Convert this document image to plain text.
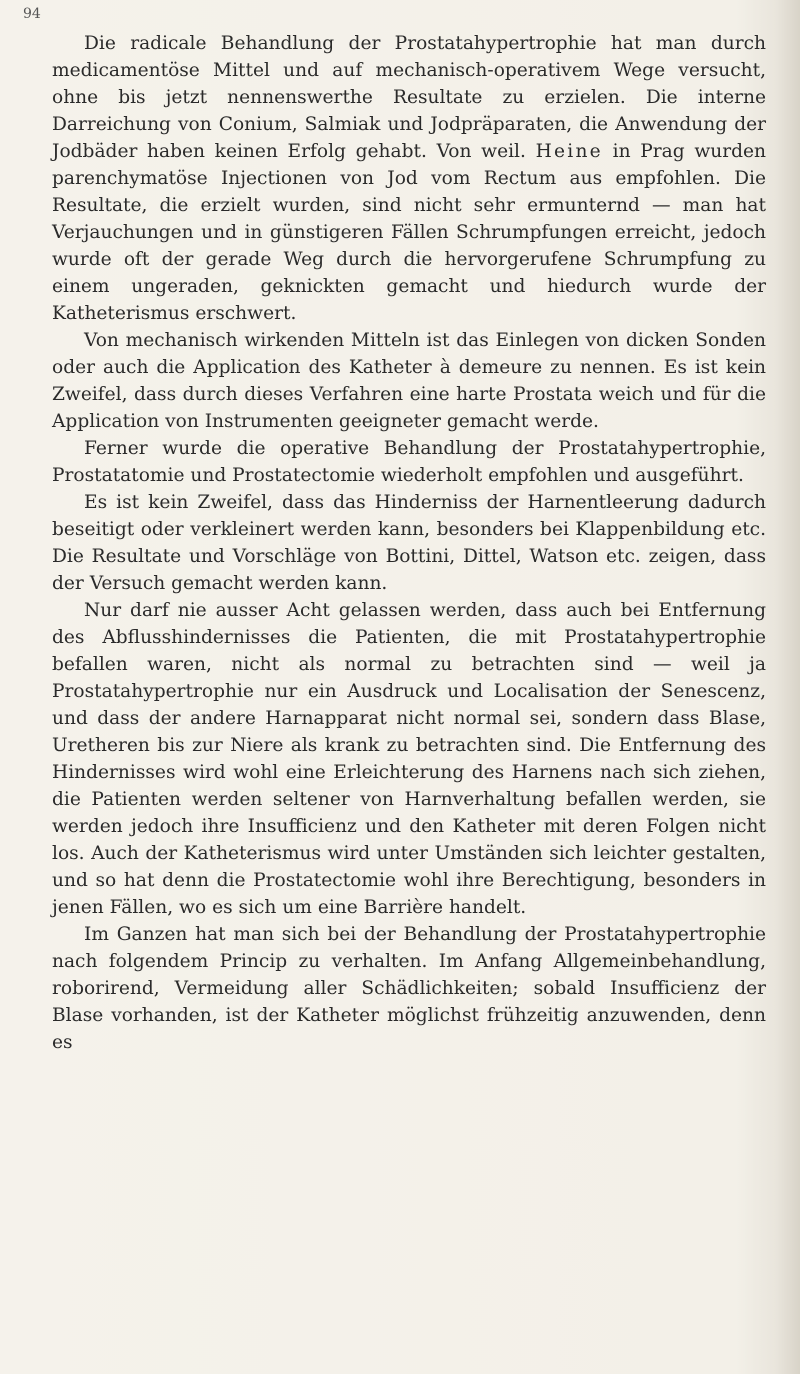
94

Die radicale Behandlung der Prostatahypertrophie hat man durch medicamentöse Mittel und auf mechanisch-operativem Wege versucht, ohne bis jetzt nennenswerthe Resultate zu erzielen. Die interne Darreichung von Conium, Salmiak und Jodpräparaten, die Anwendung der Jodbäder haben keinen Erfolg gehabt. Von weil. Heine in Prag wurden parenchymatöse Injectionen von Jod vom Rectum aus empfohlen. Die Resultate, die erzielt wurden, sind nicht sehr ermunternd — man hat Verjauchungen und in günstigeren Fällen Schrumpfungen erreicht, jedoch wurde oft der gerade Weg durch die hervorgerufene Schrumpfung zu einem ungeraden, geknickten gemacht und hiedurch wurde der Katheterismus erschwert.

Von mechanisch wirkenden Mitteln ist das Einlegen von dicken Sonden oder auch die Application des Katheter à demeure zu nennen. Es ist kein Zweifel, dass durch dieses Verfahren eine harte Prostata weich und für die Application von Instrumenten geeigneter gemacht werde.

Ferner wurde die operative Behandlung der Prostatahypertrophie, Prostatatomie und Prostatectomie wiederholt empfohlen und ausgeführt.

Es ist kein Zweifel, dass das Hinderniss der Harnentleerung dadurch beseitigt oder verkleinert werden kann, besonders bei Klappenbildung etc. Die Resultate und Vorschläge von Bottini, Dittel, Watson etc. zeigen, dass der Versuch gemacht werden kann.

Nur darf nie ausser Acht gelassen werden, dass auch bei Entfernung des Abflusshindernisses die Patienten, die mit Prostatahypertrophie befallen waren, nicht als normal zu betrachten sind — weil ja Prostatahypertrophie nur ein Ausdruck und Localisation der Senescenz, und dass der andere Harnapparat nicht normal sei, sondern dass Blase, Uretheren bis zur Niere als krank zu betrachten sind. Die Entfernung des Hindernisses wird wohl eine Erleichterung des Harnens nach sich ziehen, die Patienten werden seltener von Harnverhaltung befallen werden, sie werden jedoch ihre Insufficienz und den Katheter mit deren Folgen nicht los. Auch der Katheterismus wird unter Umständen sich leichter gestalten, und so hat denn die Prostatectomie wohl ihre Berechtigung, besonders in jenen Fällen, wo es sich um eine Barrière handelt.

Im Ganzen hat man sich bei der Behandlung der Prostatahypertrophie nach folgendem Princip zu verhalten. Im Anfang Allgemeinbehandlung, roborirend, Vermeidung aller Schädlichkeiten; sobald Insufficienz der Blase vorhanden, ist der Katheter möglichst frühzeitig anzuwenden, denn es
